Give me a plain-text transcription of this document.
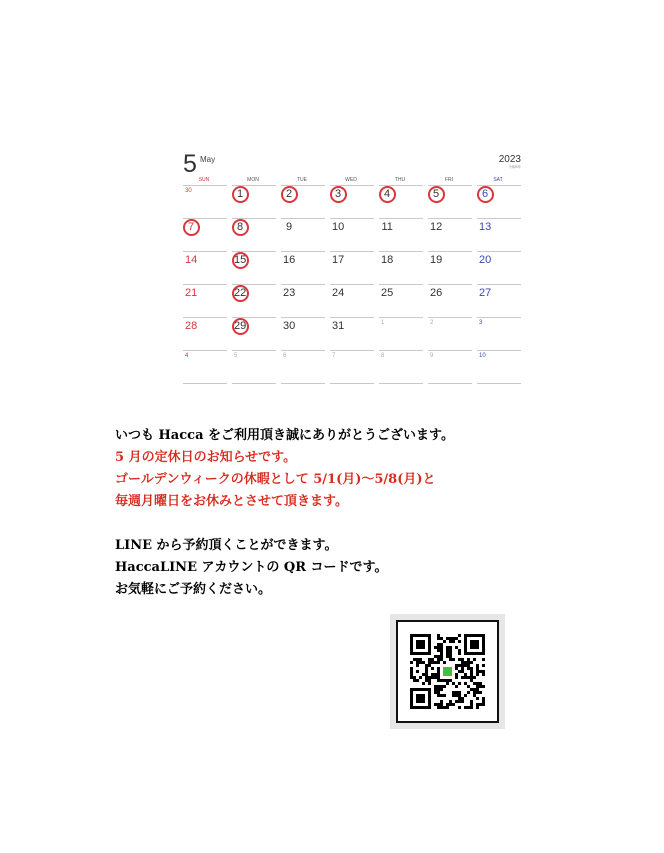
5 May	2023
令和5年
SUN	MON	TUE	WED	THU	FRI	SAT
30	1	2	3	4	5	6
7	8	9	10	11	12	13
14	15	16	17	18	19	20
21	22	23	24	25	26	27
28	29	30	31	1	2	3
4	5	6	7	8	9	10
いつも Hacca をご利用頂き誠にありがとうございます。
5 月の定休日のお知らせです。
ゴールデンウィークの休暇として 5/1(月)〜5/8(月)と
毎週月曜日をお休みとさせて頂きます。
LINE から予約頂くことができます。
HaccaLINE アカウントの QR コードです。
お気軽にご予約ください。
